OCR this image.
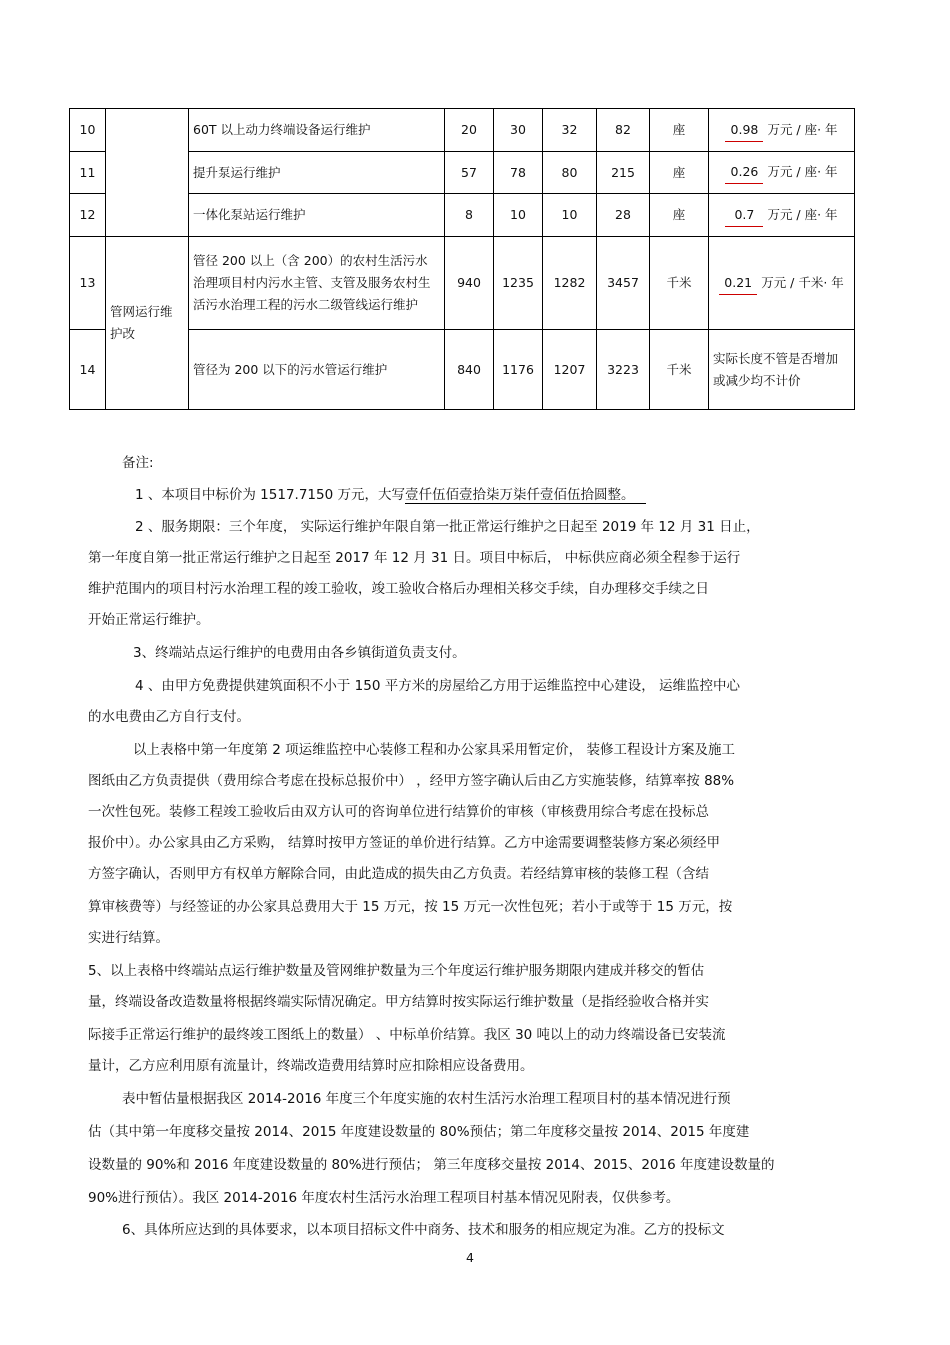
10		60T 以上动力终端设备运行维护	20	30	32	82	座	0.98 万元 / 座· 年
11		提升泵运行维护	57	78	80	215	座	0.26 万元 / 座· 年
12		一体化泵站运行维护	8	10	10	28	座	0.7 万元 / 座· 年
13	管网运行维护改	管径 200 以上（含 200）的农村生活污水治理项目村内污水主管、支管及服务农村生活污水治理工程的污水二级管线运行维护	940	1235	1282	3457	千米	0.21 万元 / 千米· 年
14		管径为 200 以下的污水管运行维护	840	1176	1207	3223	千米	实际长度不管是否增加或减少均不计价

备注:

1 、本项目中标价为 1517.7150 万元，大写壹仟伍佰壹拾柒万柒仟壹佰伍拾圆整。

2 、服务期限：三个年度， 实际运行维护年限自第一批正常运行维护之日起至 2019 年 12 月 31 日止，

第一年度自第一批正常运行维护之日起至 2017 年 12 月 31 日。项目中标后， 中标供应商必须全程参于运行

维护范围内的项目村污水治理工程的竣工验收，竣工验收合格后办理相关移交手续，自办理移交手续之日

开始正常运行维护。

3、终端站点运行维护的电费用由各乡镇街道负责支付。

4 、由甲方免费提供建筑面积不小于 150 平方米的房屋给乙方用于运维监控中心建设， 运维监控中心

的水电费由乙方自行支付。

以上表格中第一年度第 2 项运维监控中心装修工程和办公家具采用暂定价， 装修工程设计方案及施工

图纸由乙方负责提供（费用综合考虑在投标总报价中） ，经甲方签字确认后由乙方实施装修，结算率按 88%

一次性包死。装修工程竣工验收后由双方认可的咨询单位进行结算价的审核（审核费用综合考虑在投标总

报价中）。办公家具由乙方采购， 结算时按甲方签证的单价进行结算。乙方中途需要调整装修方案必须经甲

方签字确认，否则甲方有权单方解除合同，由此造成的损失由乙方负责。若经结算审核的装修工程（含结

算审核费等）与经签证的办公家具总费用大于 15 万元，按 15 万元一次性包死；若小于或等于 15 万元，按

实进行结算。

5、以上表格中终端站点运行维护数量及管网维护数量为三个年度运行维护服务期限内建成并移交的暂估

量，终端设备改造数量将根据终端实际情况确定。甲方结算时按实际运行维护数量（是指经验收合格并实

际接手正常运行维护的最终竣工图纸上的数量） 、中标单价结算。我区 30 吨以上的动力终端设备已安装流

量计，乙方应利用原有流量计，终端改造费用结算时应扣除相应设备费用。

表中暂估量根据我区 2014-2016 年度三个年度实施的农村生活污水治理工程项目村的基本情况进行预

估（其中第一年度移交量按 2014、2015 年度建设数量的 80%预估；第二年度移交量按 2014、2015 年度建

设数量的 90%和 2016 年度建设数量的 80%进行预估； 第三年度移交量按 2014、2015、2016 年度建设数量的

90%进行预估）。我区 2014-2016 年度农村生活污水治理工程项目村基本情况见附表，仅供参考。

6、具体所应达到的具体要求，以本项目招标文件中商务、技术和服务的相应规定为准。乙方的投标文

4
